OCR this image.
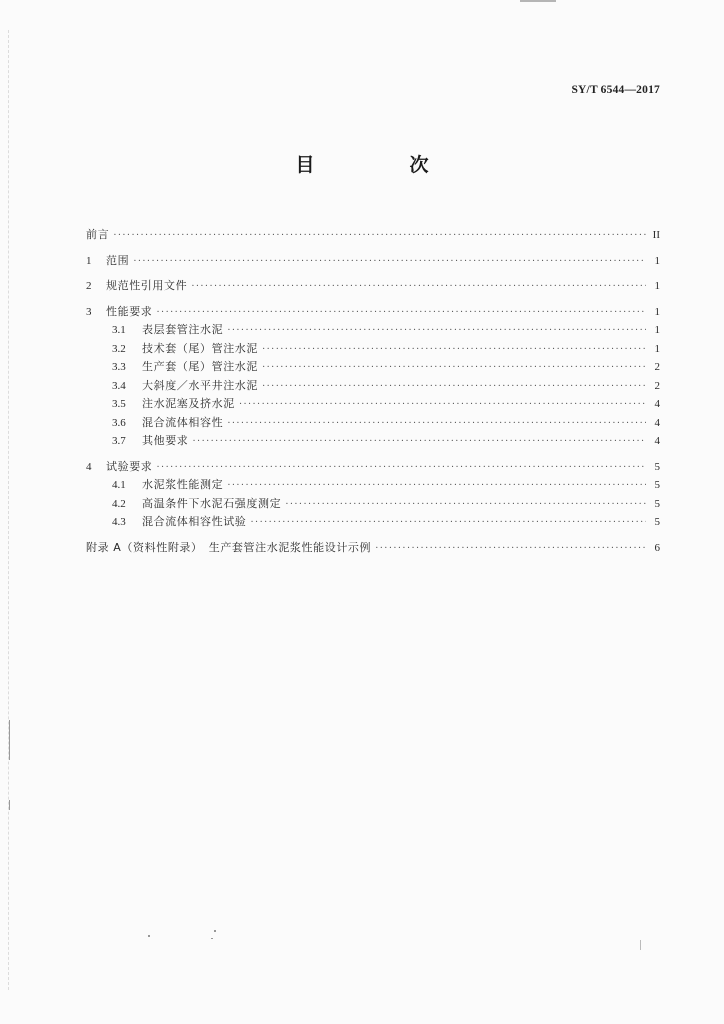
SY/T 6544—2017
目　次
前言 ·····	II
1	范围 ·····	1
2	规范性引用文件 ·····	1
3	性能要求 ·····	1
3.1	表层套管注水泥 ·····	1
3.2	技术套（尾）管注水泥 ·····	1
3.3	生产套（尾）管注水泥 ·····	2
3.4	大斜度／水平井注水泥 ·····	2
3.5	注水泥塞及挤水泥 ·····	4
3.6	混合流体相容性 ·····	4
3.7	其他要求 ·····	4
4	试验要求 ·····	5
4.1	水泥浆性能测定 ·····	5
4.2	高温条件下水泥石强度测定 ·····	5
4.3	混合流体相容性试验 ·····	5
附录 A（资料性附录）　生产套管注水泥浆性能设计示例 ·····	6
